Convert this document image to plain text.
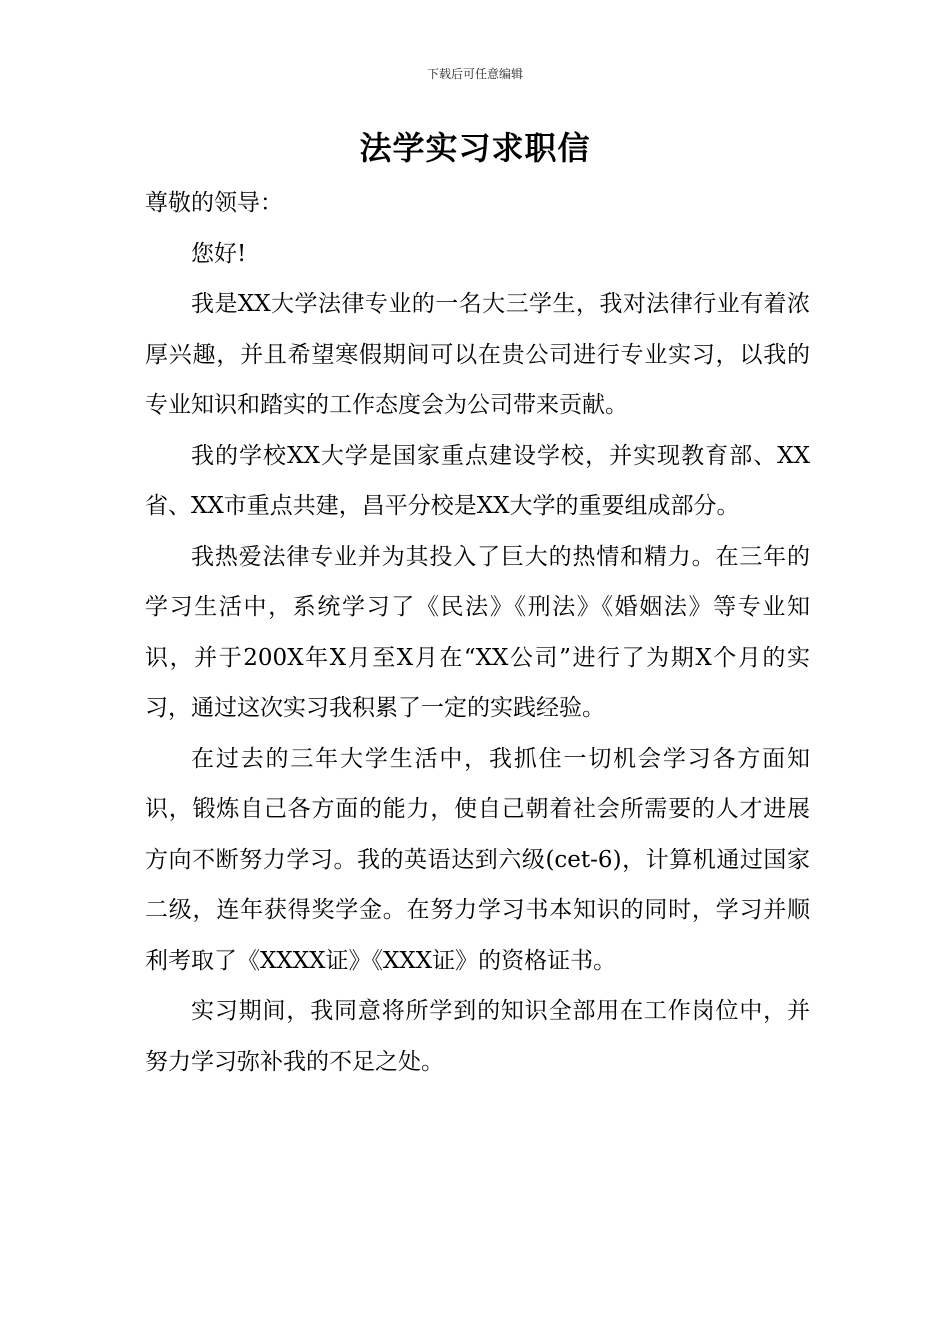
下载后可任意编辑
法学实习求职信

尊敬的领导：

您好!

我是XX大学法律专业的一名大三学生，我对法律行业有着浓厚兴趣，并且希望寒假期间可以在贵公司进行专业实习，以我的专业知识和踏实的工作态度会为公司带来贡献。

我的学校XX大学是国家重点建设学校，并实现教育部、XX省、XX市重点共建，昌平分校是XX大学的重要组成部分。

我热爱法律专业并为其投入了巨大的热情和精力。在三年的学习生活中，系统学习了《民法》《刑法》《婚姻法》等专业知识，并于200X年X月至X月在“XX公司”进行了为期X个月的实习，通过这次实习我积累了一定的实践经验。

在过去的三年大学生活中，我抓住一切机会学习各方面知识，锻炼自己各方面的能力，使自己朝着社会所需要的人才进展方向不断努力学习。我的英语达到六级(cet-6)，计算机通过国家二级，连年获得奖学金。在努力学习书本知识的同时，学习并顺利考取了《XXXX证》《XXX证》的资格证书。

实习期间，我同意将所学到的知识全部用在工作岗位中，并努力学习弥补我的不足之处。
